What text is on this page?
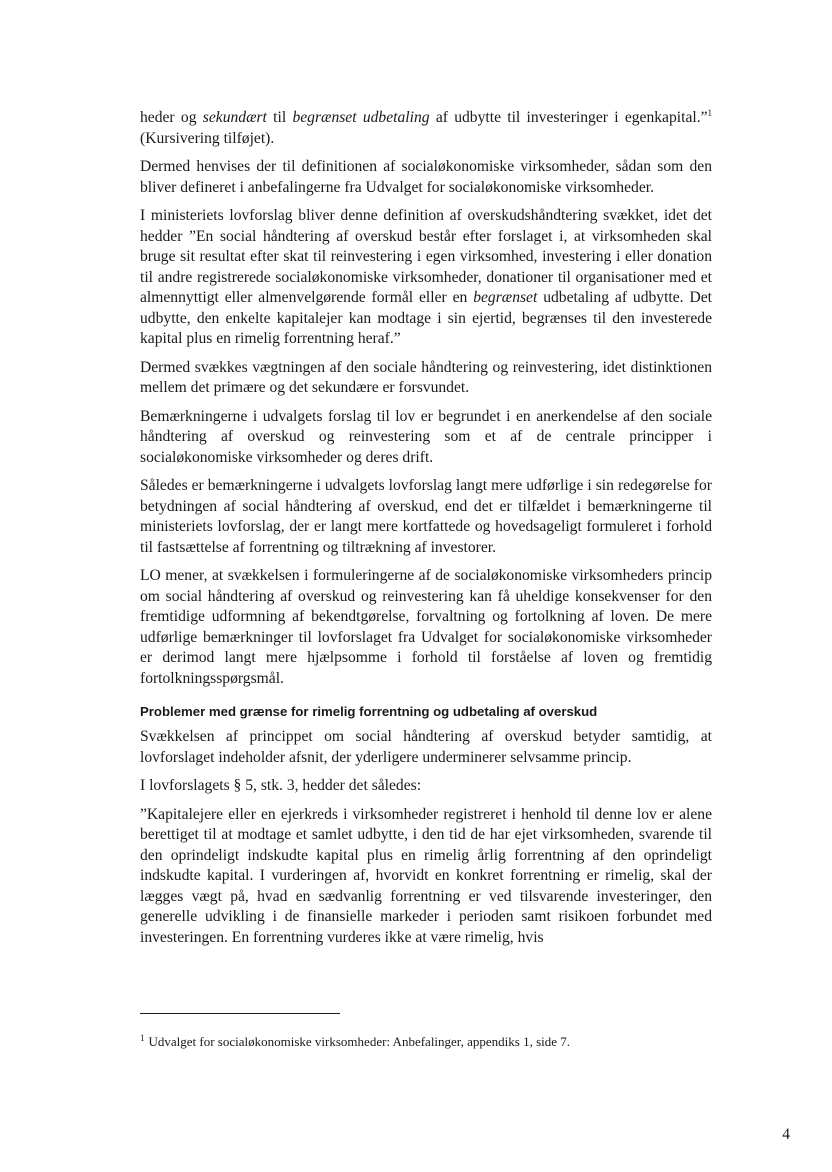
heder og sekundært til begrænset udbetaling af udbytte til investeringer i egenkapital.”$^1$ (Kursivering tilføjet).

Dermed henvises der til definitionen af socialøkonomiske virksomheder, sådan som den bliver defineret i anbefalingerne fra Udvalget for socialøkonomiske virksomheder.

I ministeriets lovforslag bliver denne definition af overskudshåndtering svækket, idet det hedder ”En social håndtering af overskud består efter forslaget i, at virksomheden skal bruge sit resultat efter skat til reinvestering i egen virksomhed, investering i eller donation til andre registrerede socialøkonomiske virksomheder, donationer til organisationer med et almennyttigt eller almenvelgørende formål eller en begrænset udbetaling af udbytte. Det udbytte, den enkelte kapitalejer kan modtage i sin ejertid, begrænses til den investerede kapital plus en rimelig forrentning heraf.”

Dermed svækkes vægtningen af den sociale håndtering og reinvestering, idet distinktionen mellem det primære og det sekundære er forsvundet.

Bemærkningerne i udvalgets forslag til lov er begrundet i en anerkendelse af den sociale håndtering af overskud og reinvestering som et af de centrale principper i socialøkonomiske virksomheder og deres drift.

Således er bemærkningerne i udvalgets lovforslag langt mere udførlige i sin redegørelse for betydningen af social håndtering af overskud, end det er tilfældet i bemærkningerne til ministeriets lovforslag, der er langt mere kortfattede og hovedsageligt formuleret i forhold til fastsættelse af forrentning og tiltrækning af investorer.

LO mener, at svækkelsen i formuleringerne af de socialøkonomiske virksomheders princip om social håndtering af overskud og reinvestering kan få uheldige konsekvenser for den fremtidige udformning af bekendtgørelse, forvaltning og fortolkning af loven. De mere udførlige bemærkninger til lovforslaget fra Udvalget for socialøkonomiske virksomheder er derimod langt mere hjælpsomme i forhold til forståelse af loven og fremtidig fortolkningsspørgsmål.

Problemer med grænse for rimelig forrentning og udbetaling af overskud

Svækkelsen af princippet om social håndtering af overskud betyder samtidig, at lovforslaget indeholder afsnit, der yderligere underminerer selvsamme princip.

I lovforslagets § 5, stk. 3, hedder det således:

”Kapitalejere eller en ejerkreds i virksomheder registreret i henhold til denne lov er alene berettiget til at modtage et samlet udbytte, i den tid de har ejet virksomheden, svarende til den oprindeligt indskudte kapital plus en rimelig årlig forrentning af den oprindeligt indskudte kapital. I vurderingen af, hvorvidt en konkret forrentning er rimelig, skal der lægges vægt på, hvad en sædvanlig forrentning er ved tilsvarende investeringer, den generelle udvikling i de finansielle markeder i perioden samt risikoen forbundet med investeringen. En forrentning vurderes ikke at være rimelig, hvis

$^1$ Udvalget for socialøkonomiske virksomheder: Anbefalinger, appendiks 1, side 7.
4
